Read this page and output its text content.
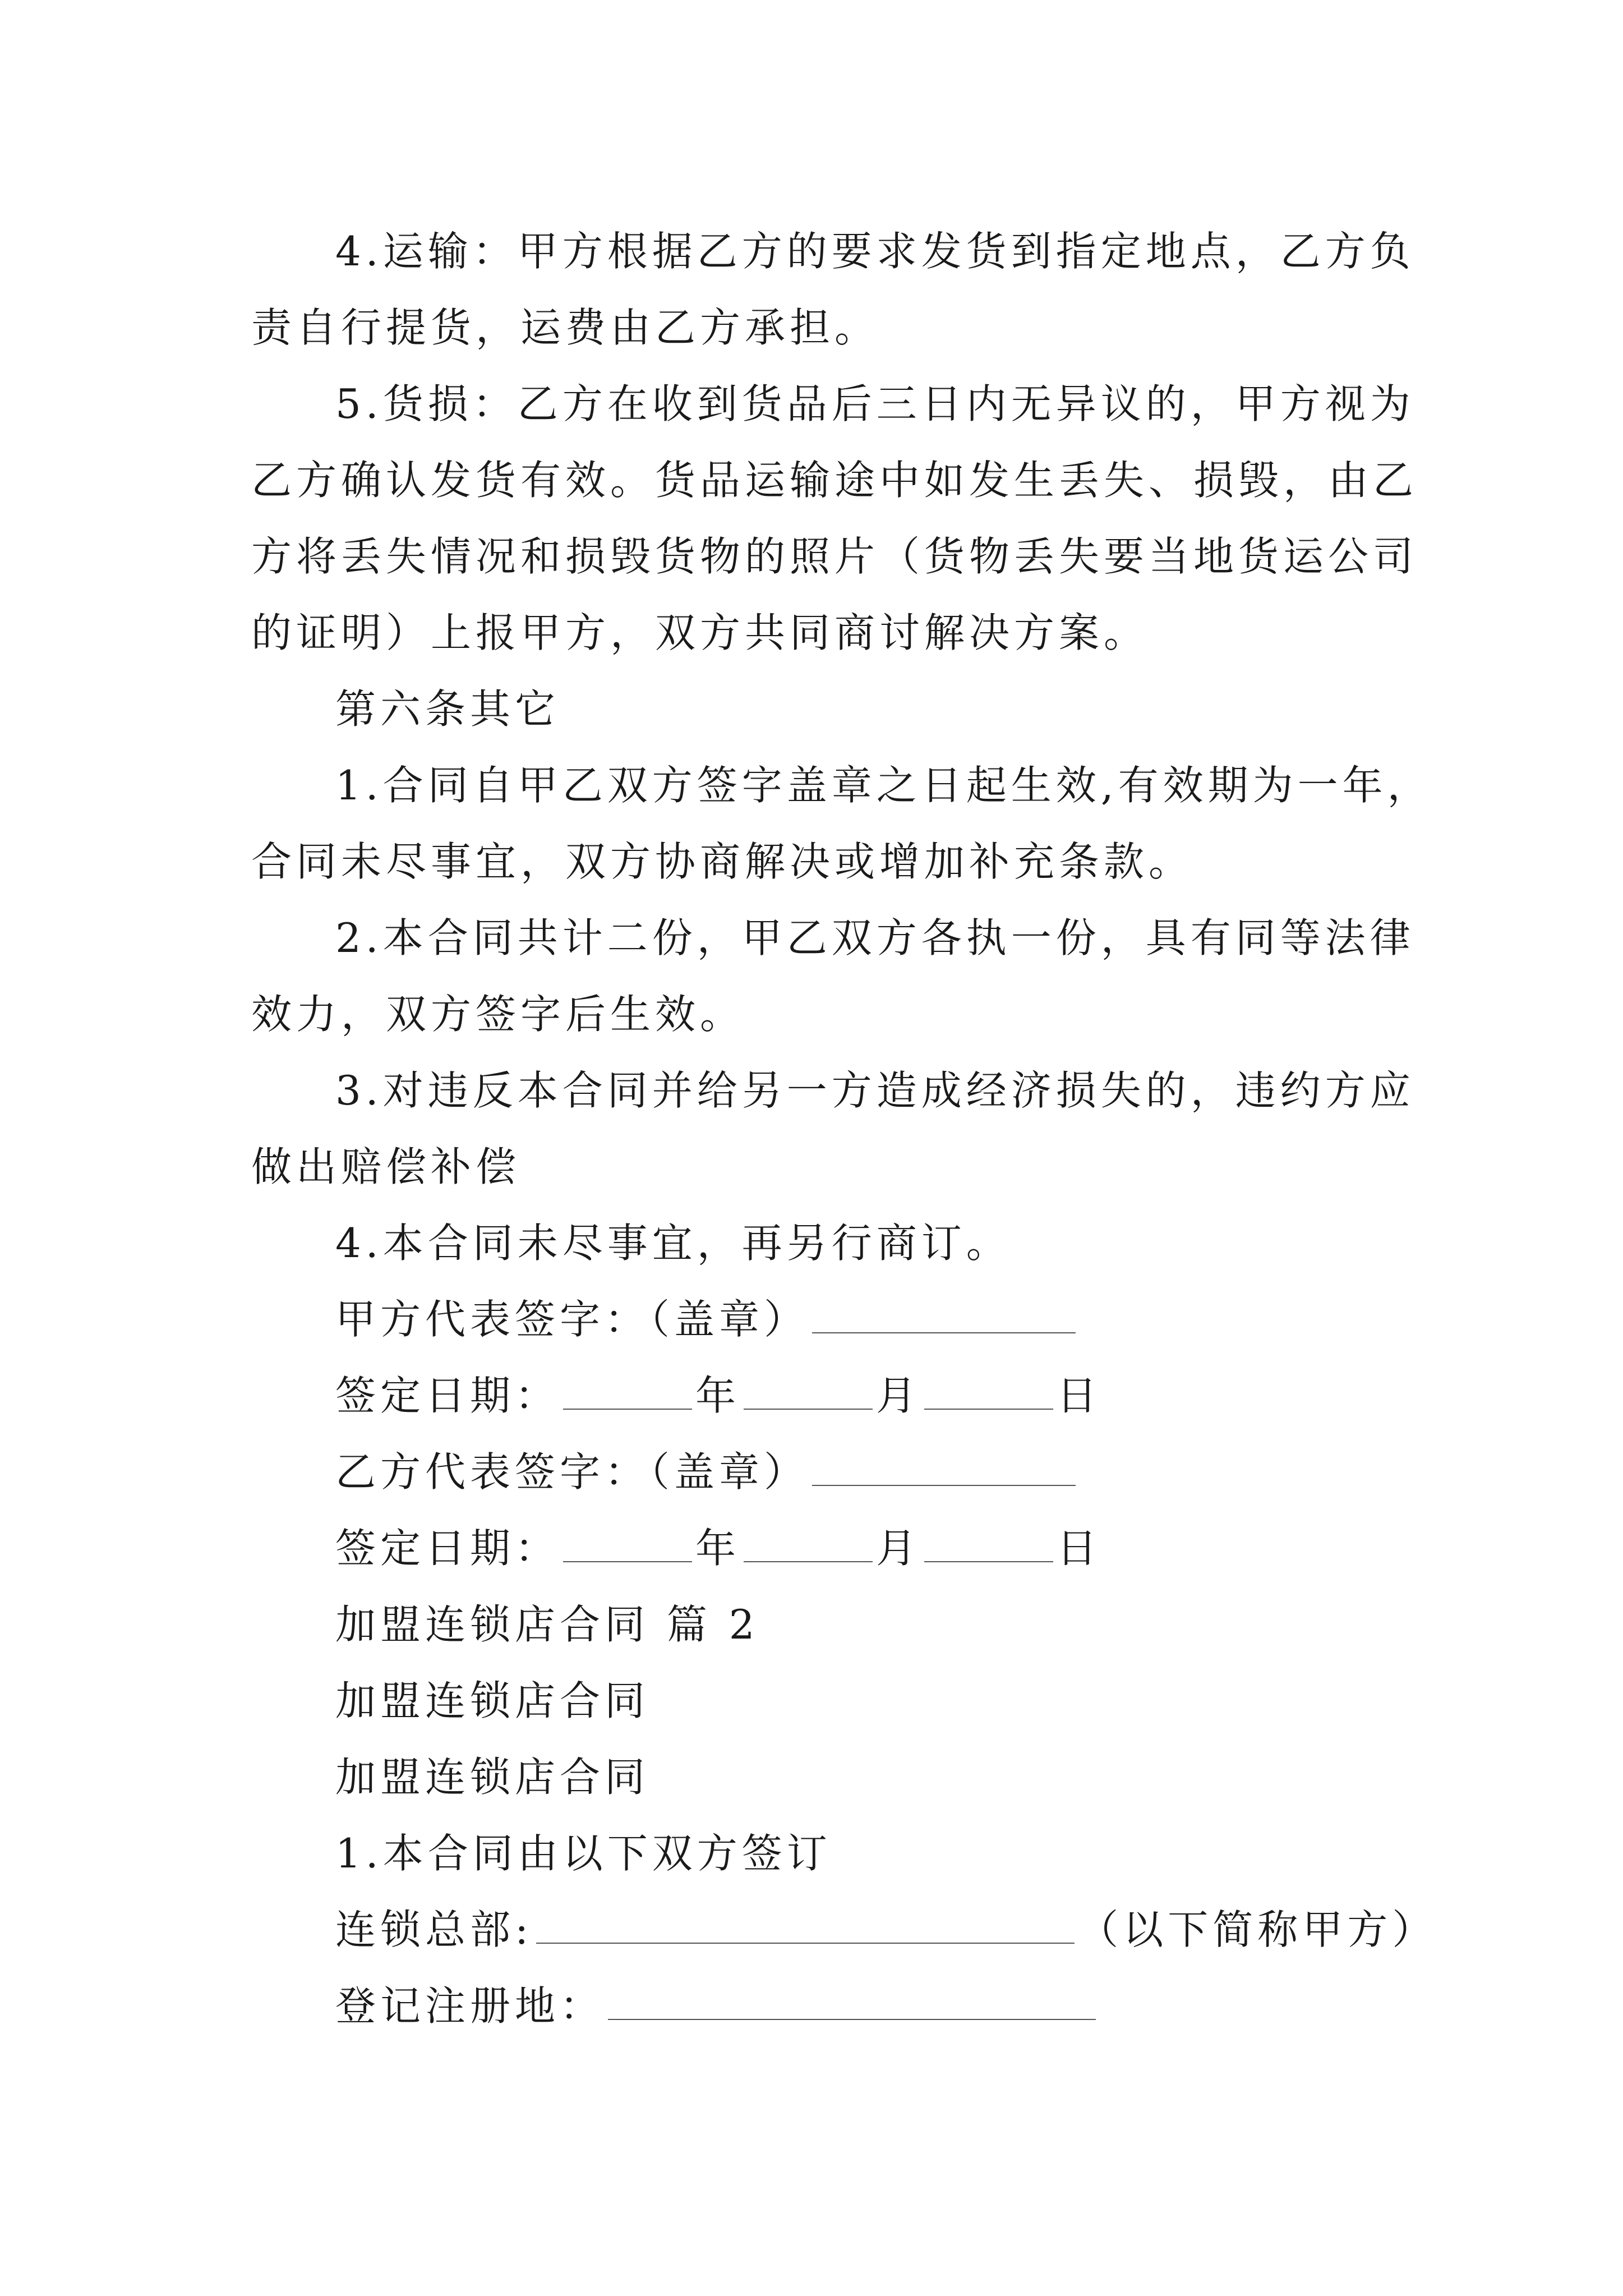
4.运输：甲方根据乙方的要求发货到指定地点，乙方负
责自行提货，运费由乙方承担。
5.货损：乙方在收到货品后三日内无异议的，甲方视为
乙方确认发货有效。货品运输途中如发生丢失、损毁，由乙
方将丢失情况和损毁货物的照片（货物丢失要当地货运公司
的证明）上报甲方，双方共同商讨解决方案。
第六条其它
1.合同自甲乙双方签字盖章之日起生效,有效期为一年，
合同未尽事宜，双方协商解决或增加补充条款。
2.本合同共计二份，甲乙双方各执一份，具有同等法律
效力，双方签字后生效。
3.对违反本合同并给另一方造成经济损失的，违约方应
做出赔偿补偿
4.本合同未尽事宜，再另行商订。
甲方代表签字：（盖章）
签定日期：	年	月	日
乙方代表签字：（盖章）
签定日期：	年	月	日
加盟连锁店合同 篇 2
加盟连锁店合同
加盟连锁店合同
1.本合同由以下双方签订
连锁总部:	（以下简称甲方）
登记注册地：
